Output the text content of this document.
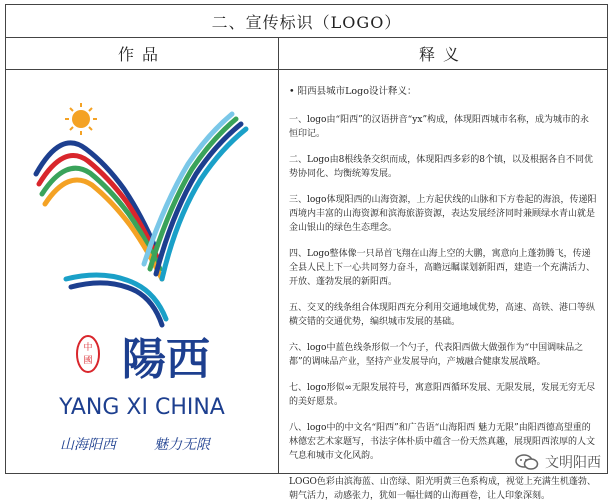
二、宣传标识（LOGO）
作品	释义
中
國 陽西
YANG XI CHINA
山海阳西	魅力无限

• 阳西县城市Logo设计释义：

一、logo由“阳西”的汉语拼音“yx”构成，体现阳西城市名称，成为城市的永恒印记。

二、Logo由8根线条交织而成，体现阳西多彩的8个镇，以及根据各自不同优势协同化、均衡统筹发展。

三、logo体现阳西的山海资源，上方起伏线的山脉和下方卷起的海浪，传递阳西境内丰富的山海资源和滨海旅游资源，表达发展经济同时兼顾绿水青山就是金山银山的绿色生态理念。

四、Logo整体像一只昂首飞翔在山海上空的大鹏，寓意向上蓬勃腾飞，传递全县人民上下一心共同努力奋斗，高瞻远瞩谋划新阳西，建造一个充满活力、开放、蓬勃发展的新阳西。

五、交叉的线条组合体现阳西充分利用交通地域优势，高速、高铁、港口等纵横交错的交通优势，编织城市发展的基础。

六、logo中蓝色线条形似一个勺子，代表阳西做大做强作为“中国调味品之都”的调味品产业，坚持产业发展导向，产城融合健康发展战略。

七、logo形似∞无限发展符号，寓意阳西循环发展、无限发展，发展无穷无尽的美好愿景。

八、logo中的中文名“阳西”和广告语“山海阳西 魅力无限”由阳西德高望重的林德宏艺术家题写，书法字体朴质中蕴含一份天然真趣，展现阳西浓厚的人文气息和城市文化风韵。

LOGO色彩由滨海蓝、山峦绿、阳光明黄三色系构成，视觉上充满生机蓬勃、朝气活力，动感张力，犹如一幅壮阔的山海画卷，让人印象深刻。

文明阳西
